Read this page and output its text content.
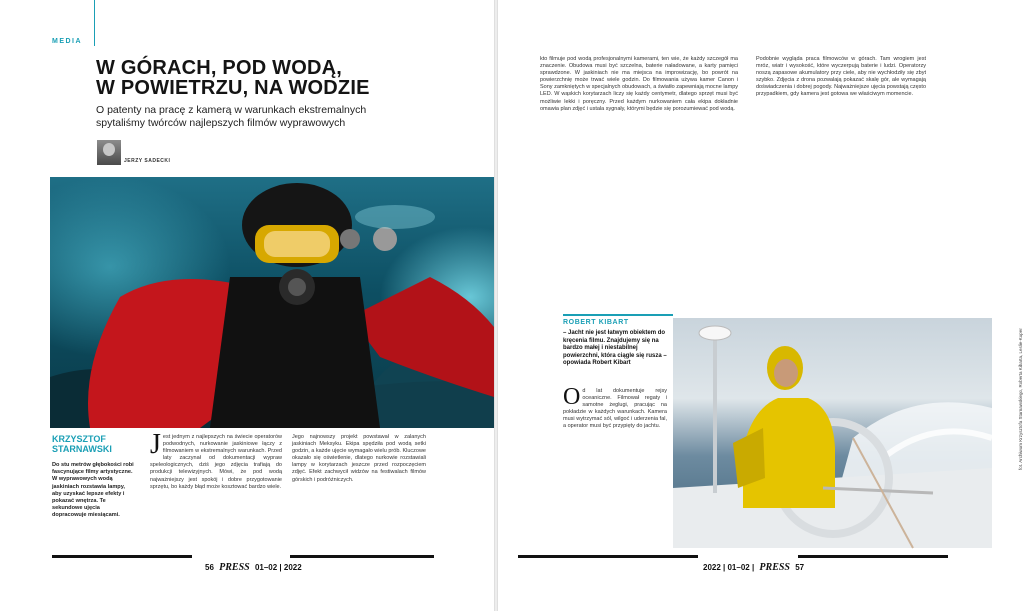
MEDIA
W GÓRACH, POD WODĄ,
W POWIETRZU, NA WODZIE
O patenty na pracę z kamerą w warunkach ekstremalnych spytaliśmy twórców najlepszych filmów wyprawowych
JERZY SADECKI
KRZYSZTOF STARNAWSKI
Do stu metrów głębokości robi fascynujące filmy artystyczne. W wyprawowych wodą jaskiniach rozstawia lampy, aby uzyskać lepsze efekty i pokazać wnętrza. Te sekundowe ujęcia dopracowuje miesiącami.
J est jednym z najlepszych na świecie operatorów podwodnych, nurkowanie jaskiniowe łączy z filmowaniem w ekstremalnych warunkach. Przed laty zaczynał od dokumentacji wypraw speleologicznych, dziś jego zdjęcia trafiają do produkcji telewizyjnych. Mówi, że pod wodą najważniejszy jest spokój i dobre przygotowanie sprzętu, bo każdy błąd może kosztować bardzo wiele.
Jego najnowszy projekt powstawał w zalanych jaskiniach Meksyku. Ekipa spędziła pod wodą setki godzin, a każde ujęcie wymagało wielu prób. Kluczowe okazało się oświetlenie, dlatego nurkowie rozstawiali lampy w korytarzach jeszcze przed rozpoczęciem zdjęć. Efekt zachwycił widzów na festiwalach filmów górskich i podróżniczych.
56 PRESS 01–02 | 2022
kto filmuje pod wodą profesjonalnymi kamerami, ten wie, że każdy szczegół ma znaczenie. Obudowa musi być szczelna, baterie naładowane, a karty pamięci sprawdzone. W jaskiniach nie ma miejsca na improwizację, bo powrót na powierzchnię może trwać wiele godzin. Do filmowania używa kamer Canon i Sony zamkniętych w specjalnych obudowach, a światło zapewniają mocne lampy LED. W wąskich korytarzach liczy się każdy centymetr, dlatego sprzęt musi być możliwie lekki i poręczny. Przed każdym nurkowaniem cała ekipa dokładnie omawia plan zdjęć i ustala sygnały, którymi będzie się porozumiewać pod wodą.
Podobnie wygląda praca filmowców w górach. Tam wrogiem jest mróz, wiatr i wysokość, które wyczerpują baterie i ludzi. Operatorzy noszą zapasowe akumulatory przy ciele, aby nie wychłodziły się zbyt szybko. Zdjęcia z drona pozwalają pokazać skalę gór, ale wymagają doświadczenia i dobrej pogody. Najważniejsze ujęcia powstają często przypadkiem, gdy kamera jest gotowa we właściwym momencie.
ROBERT KIBART
– Jacht nie jest łatwym obiektem do kręcenia filmu. Znajdujemy się na bardzo małej i niestabilnej powierzchni, która ciągle się rusza – opowiada Robert Kibart
O d lat dokumentuje rejsy oceaniczne. Filmował regaty i samotne żeglugi, pracując na pokładzie w każdych warunkach. Kamera musi wytrzymać sól, wilgoć i uderzenia fal, a operator musi być przypięty do jachtu.	fot. Archiwum Krzysztofa Starnawskiego, Roberta Kibarta, Leslie-Kuper
2022 | 01–02 | PRESS 57
